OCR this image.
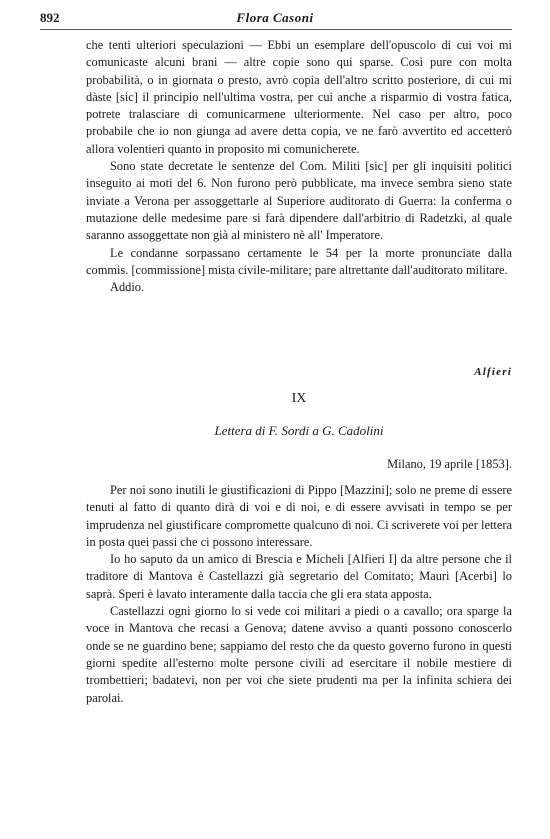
892	Flora Casoni

che tenti ulteriori speculazioni — Ebbi un esemplare dell'opuscolo di cui voi mi comunicaste alcuni brani — altre copie sono qui sparse. Così pure con molta probabilità, o in giornata o presto, avrò copia dell'altro scritto posteriore, di cui mi dàste [sic] il principio nell'ultima vostra, per cui anche a risparmio di vostra fatica, potrete tralasciare di comunicarmene ulteriormente. Nel caso per altro, poco probabile che io non giunga ad avere detta copia, ve ne farò avvertito ed accetterò allora volentieri quanto in proposito mi comunicherete.

Sono state decretate le sentenze del Com. Militi [sic] per gli inquisiti politici inseguito ai moti del 6. Non furono però pubblicate, ma invece sembra sieno state inviate a Verona per assoggettarle al Superiore auditorato di Guerra: la conferma o mutazione delle medesime pare si farà dipendere dall'arbitrio di Radetzki, al quale saranno assoggettate non già al ministero nè all' Imperatore.

Le condanne sorpassano certamente le 54 per la morte pronunciate dalla commis. [commissione] mista civile-militare; pare altrettante dall'auditorato militare.

Addio.

Alfieri
IX
Lettera di F. Sordi a G. Cadolini
Milano, 19 aprile [1853].

Per noi sono inutili le giustificazioni di Pippo [Mazzini]; solo ne preme di essere tenuti al fatto di quanto dirà di voi e di noi, e di essere avvisati in tempo se per imprudenza nel giustificare compromette qualcuno di noi. Ci scriverete voi per lettera in posta quei passi che ci possono interessare.

Io ho saputo da un amico di Brescia e Micheli [Alfieri I] da altre persone che il traditore di Mantova è Castellazzi già segretario del Comitato; Mauri [Acerbi] lo saprà. Speri è lavato interamente dalla taccia che gli era stata apposta.

Castellazzi ogni giorno lo si vede coi militari a piedi o a cavallo; ora sparge la voce in Mantova che recasi a Genova; datene avviso a quanti possono conoscerlo onde se ne guardino bene; sappiamo del resto che da questo governo furono in questi giorni spedite all'esterno molte persone civili ad esercitare il nobile mestiere di trombettieri; badatevi, non per voi che siete prudenti ma per la infinita schiera dei parolai.
